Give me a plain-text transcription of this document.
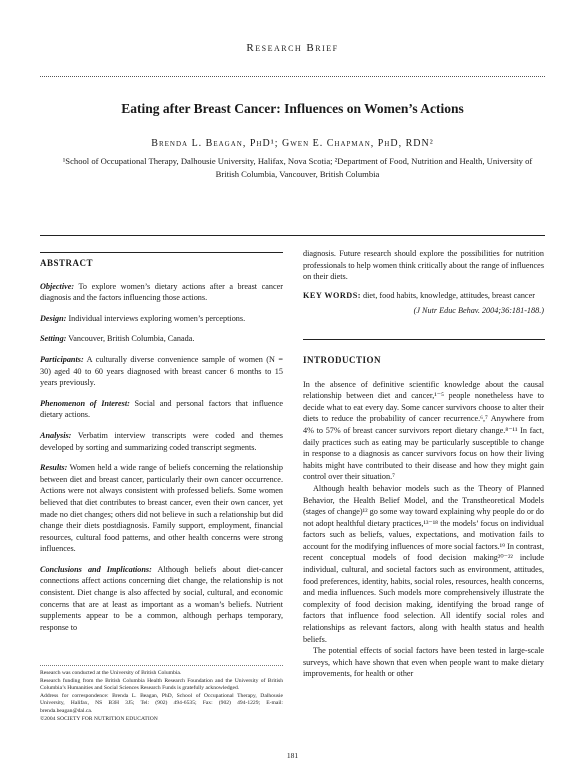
Research Brief
Eating after Breast Cancer: Influences on Women’s Actions
Brenda L. Beagan, PhD¹; Gwen E. Chapman, PhD, RDN²
¹School of Occupational Therapy, Dalhousie University, Halifax, Nova Scotia; ²Department of Food, Nutrition and Health, University of British Columbia, Vancouver, British Columbia
ABSTRACT

Objective: To explore women’s dietary actions after a breast cancer diagnosis and the factors influencing those actions.

Design: Individual interviews exploring women’s perceptions.

Setting: Vancouver, British Columbia, Canada.

Participants: A culturally diverse convenience sample of women (N = 30) aged 40 to 60 years diagnosed with breast cancer 6 months to 15 years previously.

Phenomenon of Interest: Social and personal factors that influence dietary actions.

Analysis: Verbatim interview transcripts were coded and themes developed by sorting and summarizing coded transcript segments.

Results: Women held a wide range of beliefs concerning the relationship between diet and breast cancer, particularly their own cancer occurrence. Actions were not always consistent with professed beliefs. Some women believed that diet contributes to breast cancer, even their own cancer, yet made no diet changes; others did not believe in such a relationship but did change their diets postdiagnosis. Family support, employment, financial resources, cultural food patterns, and other health concerns were strong influences.

Conclusions and Implications: Although beliefs about diet-cancer connections affect actions concerning diet change, the relationship is not consistent. Diet change is also affected by social, cultural, and economic concerns that are at least as important as a woman’s beliefs. Nutrient supplements appear to be a common, although perhaps temporary, response to

Research was conducted at the University of British Columbia.
Research funding from the British Columbia Health Research Foundation and the University of British Columbia’s Humanities and Social Sciences Research Funds is gratefully acknowledged.
Address for correspondence: Brenda L. Beagan, PhD, School of Occupational Therapy, Dalhousie University, Halifax, NS B3H 3J5; Tel: (902) 494-6535; Fax: (902) 494-1229; E-mail: brenda.beagan@dal.ca.
©2004 SOCIETY FOR NUTRITION EDUCATION

diagnosis. Future research should explore the possibilities for nutrition professionals to help women think critically about the range of influences on their diets.

KEY WORDS: diet, food habits, knowledge, attitudes, breast cancer

(J Nutr Educ Behav. 2004;36:181-188.)
INTRODUCTION

In the absence of definitive scientific knowledge about the causal relationship between diet and cancer,¹⁻⁵ people nonetheless have to decide what to eat every day. Some cancer survivors choose to alter their diets to reduce the probability of cancer recurrence.⁶,⁷ Anywhere from 4% to 57% of breast cancer survivors report dietary change.⁸⁻¹¹ In fact, daily practices such as eating may be particularly susceptible to change in response to a diagnosis as cancer survivors focus on how their living habits might have contributed to their disease and how they might gain control over their situation.⁷

Although health behavior models such as the Theory of Planned Behavior, the Health Belief Model, and the Transtheoretical Models (stages of change)¹² go some way toward explaining why people do or do not adopt healthful dietary practices,¹³⁻¹⁸ the models’ focus on individual factors such as beliefs, values, expectations, and motivation fails to account for the modifying influences of more social factors.¹⁹ In contrast, recent conceptual models of food decision making²⁰⁻²² include individual, cultural, and societal factors such as environment, attitudes, food preferences, identity, habits, social roles, resources, health concerns, and media influences. Such models more comprehensively illustrate the complexity of food decision making, identifying the broad range of factors that influence food selection. All identify social roles and relationships as relevant factors, along with health status and health beliefs.

The potential effects of social factors have been tested in large-scale surveys, which have shown that even when people want to make dietary improvements, for health or other

181
